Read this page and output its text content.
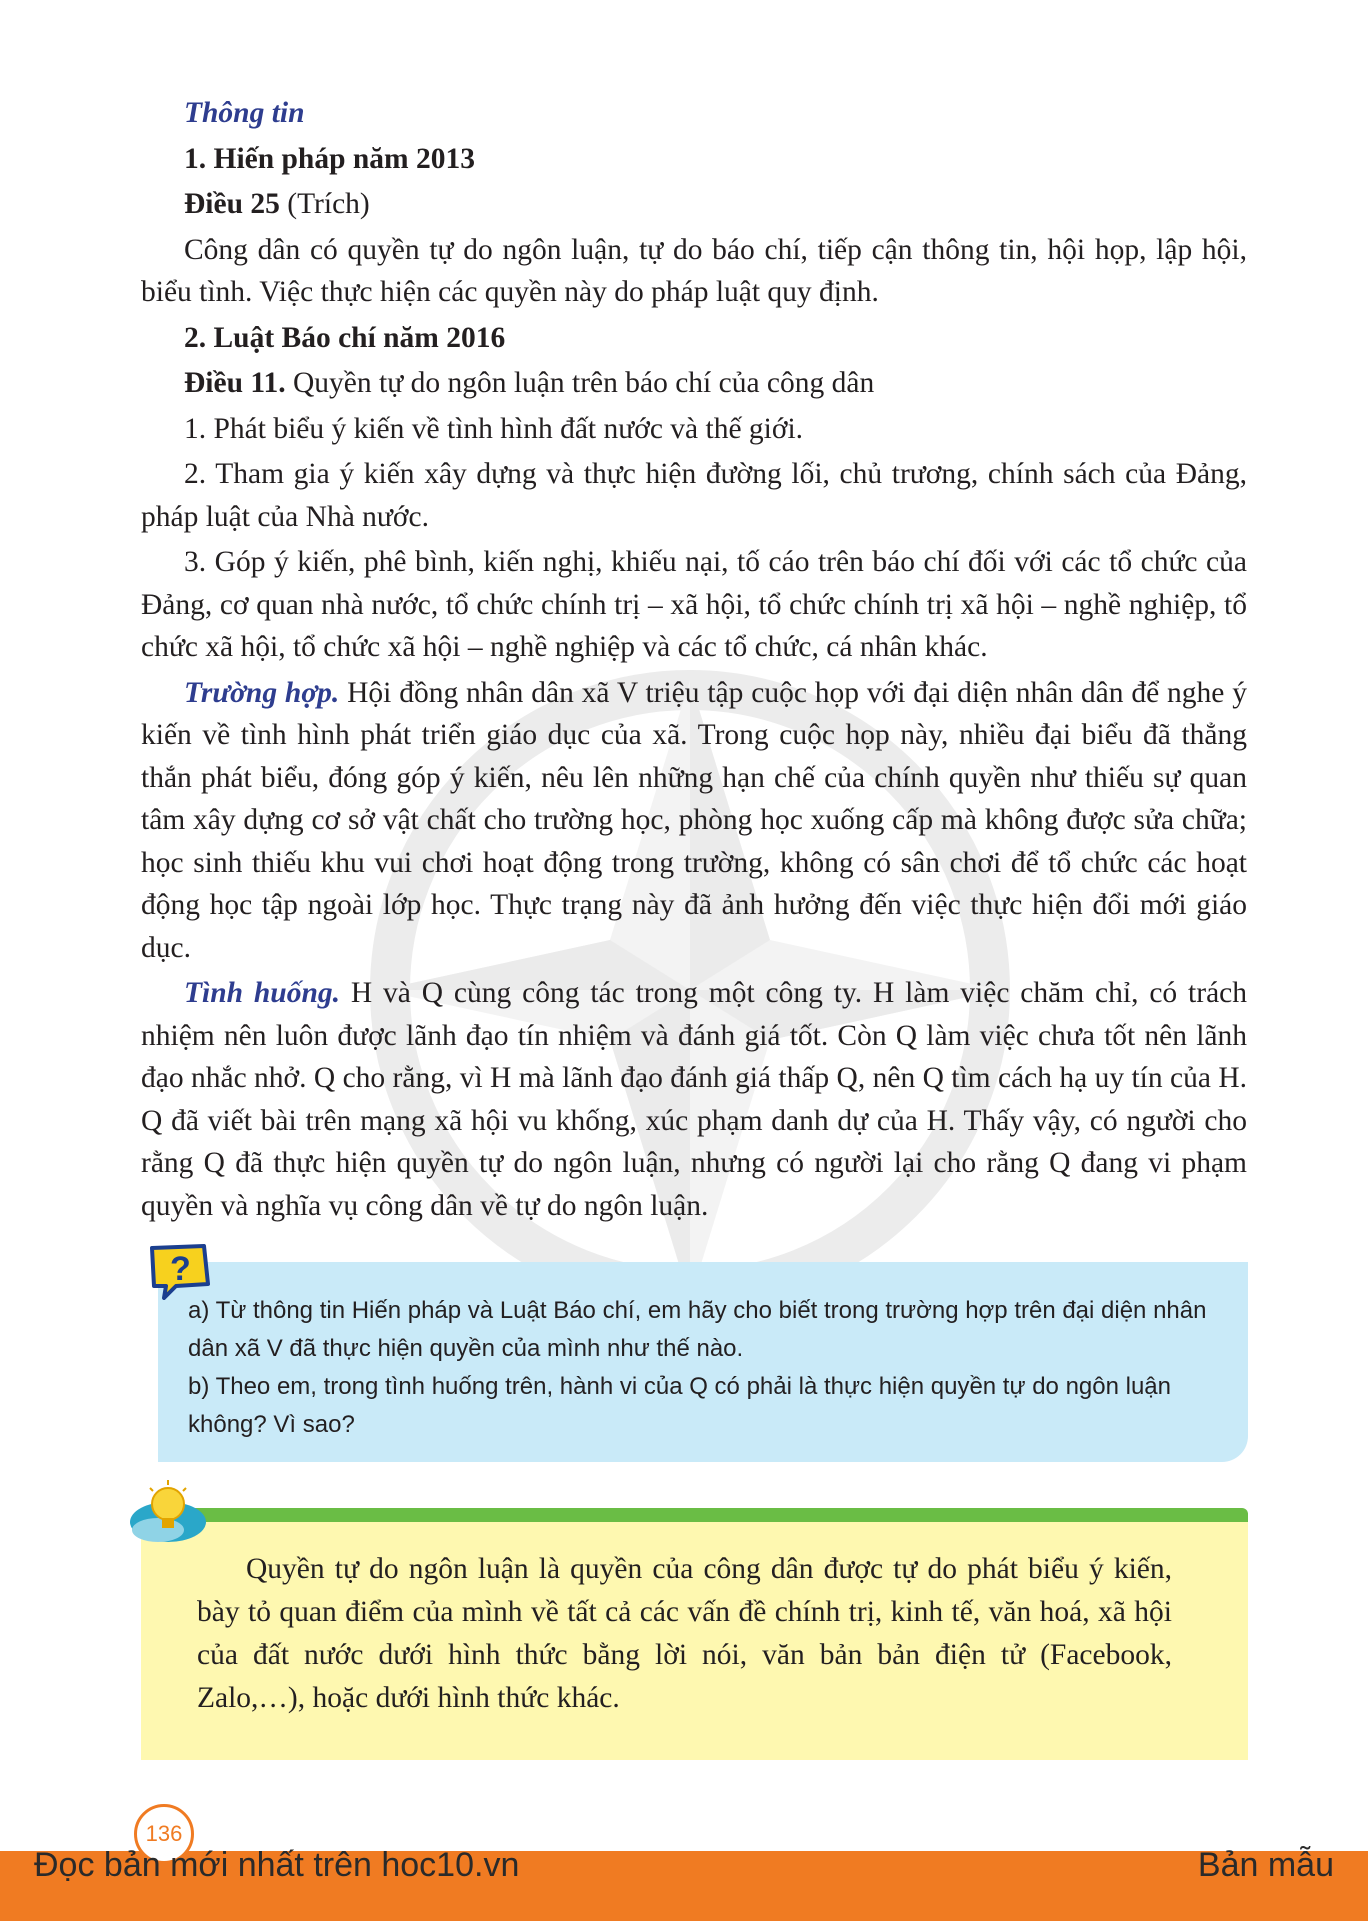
Thông tin

1. Hiến pháp năm 2013

Điều 25 (Trích)

Công dân có quyền tự do ngôn luận, tự do báo chí, tiếp cận thông tin, hội họp, lập hội, biểu tình. Việc thực hiện các quyền này do pháp luật quy định.

2. Luật Báo chí năm 2016

Điều 11. Quyền tự do ngôn luận trên báo chí của công dân

1. Phát biểu ý kiến về tình hình đất nước và thế giới.

2. Tham gia ý kiến xây dựng và thực hiện đường lối, chủ trương, chính sách của Đảng, pháp luật của Nhà nước.

3. Góp ý kiến, phê bình, kiến nghị, khiếu nại, tố cáo trên báo chí đối với các tổ chức của Đảng, cơ quan nhà nước, tổ chức chính trị – xã hội, tổ chức chính trị xã hội – nghề nghiệp, tổ chức xã hội, tổ chức xã hội – nghề nghiệp và các tổ chức, cá nhân khác.

Trường hợp. Hội đồng nhân dân xã V triệu tập cuộc họp với đại diện nhân dân để nghe ý kiến về tình hình phát triển giáo dục của xã. Trong cuộc họp này, nhiều đại biểu đã thẳng thắn phát biểu, đóng góp ý kiến, nêu lên những hạn chế của chính quyền như thiếu sự quan tâm xây dựng cơ sở vật chất cho trường học, phòng học xuống cấp mà không được sửa chữa; học sinh thiếu khu vui chơi hoạt động trong trường, không có sân chơi để tổ chức các hoạt động học tập ngoài lớp học. Thực trạng này đã ảnh hưởng đến việc thực hiện đổi mới giáo dục.

Tình huống. H và Q cùng công tác trong một công ty. H làm việc chăm chỉ, có trách nhiệm nên luôn được lãnh đạo tín nhiệm và đánh giá tốt. Còn Q làm việc chưa tốt nên lãnh đạo nhắc nhở. Q cho rằng, vì H mà lãnh đạo đánh giá thấp Q, nên Q tìm cách hạ uy tín của H. Q đã viết bài trên mạng xã hội vu khống, xúc phạm danh dự của H. Thấy vậy, có người cho rằng Q đã thực hiện quyền tự do ngôn luận, nhưng có người lại cho rằng Q đang vi phạm quyền và nghĩa vụ công dân về tự do ngôn luận.

?
a) Từ thông tin Hiến pháp và Luật Báo chí, em hãy cho biết trong trường hợp trên đại diện nhân dân xã V đã thực hiện quyền của mình như thế nào.
b) Theo em, trong tình huống trên, hành vi của Q có phải là thực hiện quyền tự do ngôn luận không? Vì sao?

Quyền tự do ngôn luận là quyền của công dân được tự do phát biểu ý kiến, bày tỏ quan điểm của mình về tất cả các vấn đề chính trị, kinh tế, văn hoá, xã hội của đất nước dưới hình thức bằng lời nói, văn bản bản điện tử (Facebook, Zalo,…), hoặc dưới hình thức khác.

136
Đọc bản mới nhất trên hoc10.vn	Bản mẫu
